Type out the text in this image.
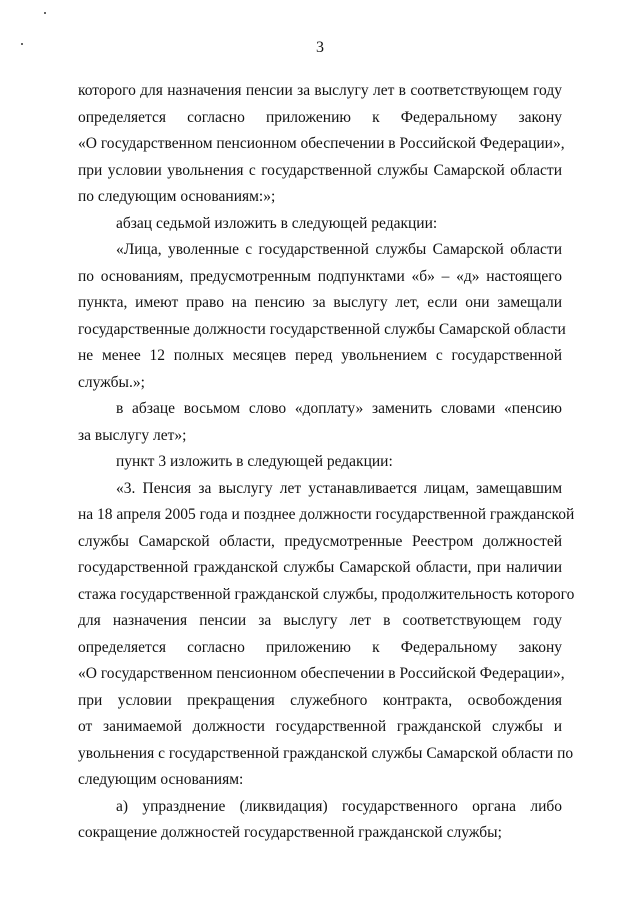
3
которого для назначения пенсии за выслугу лет в соответствующем году
определяется согласно приложению к Федеральному закону
«О государственном пенсионном обеспечении в Российской Федерации»,
при условии увольнения с государственной службы Самарской области
по следующим основаниям:»;
абзац седьмой изложить в следующей редакции:
«Лица, уволенные с государственной службы Самарской области
по основаниям, предусмотренным подпунктами «б» – «д» настоящего
пункта, имеют право на пенсию за выслугу лет, если они замещали
государственные должности государственной службы Самарской области
не менее 12 полных месяцев перед увольнением с государственной
службы.»;
в абзаце восьмом слово «доплату» заменить словами «пенсию
за выслугу лет»;
пункт 3 изложить в следующей редакции:
«3. Пенсия за выслугу лет устанавливается лицам, замещавшим
на 18 апреля 2005 года и позднее должности государственной гражданской
службы Самарской области, предусмотренные Реестром должностей
государственной гражданской службы Самарской области, при наличии
стажа государственной гражданской службы, продолжительность которого
для назначения пенсии за выслугу лет в соответствующем году
определяется согласно приложению к Федеральному закону
«О государственном пенсионном обеспечении в Российской Федерации»,
при условии прекращения служебного контракта, освобождения
от занимаемой должности государственной гражданской службы и
увольнения с государственной гражданской службы Самарской области по
следующим основаниям:
а) упразднение (ликвидация) государственного органа либо
сокращение должностей государственной гражданской службы;
